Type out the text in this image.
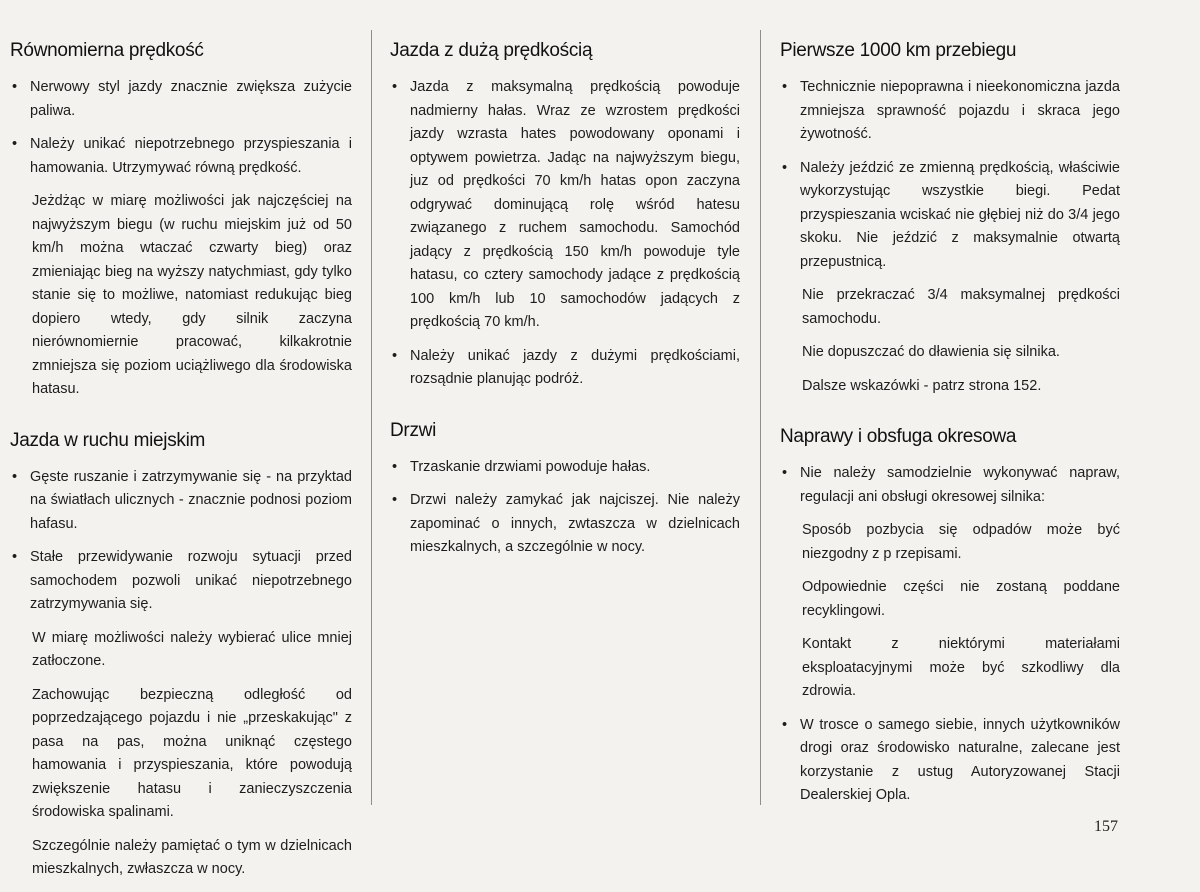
Równomierna prędkość
• Nerwowy styl jazdy znacznie zwiększa zużycie paliwa.
• Należy unikać niepotrzebnego przyspieszania i hamowania. Utrzymywać równą prędkość.

Jeżdżąc w miarę możliwości jak najczęściej na najwyższym biegu (w ruchu miejskim już od 50 km/h można wtaczać czwarty bieg) oraz zmieniając bieg na wyższy natychmiast, gdy tylko stanie się to możliwe, natomiast redukując bieg dopiero wtedy, gdy silnik zaczyna nierównomiernie pracować, kilkakrotnie zmniejsza się poziom uciążliwego dla środowiska hatasu.

Jazda w ruchu miejskim
• Gęste ruszanie i zatrzymywanie się - na przyktad na światłach ulicznych - znacznie podnosi poziom hafasu.
• Stałe przewidywanie rozwoju sytuacji przed samochodem pozwoli unikać niepotrzebnego zatrzymywania się.

W miarę możliwości należy wybierać ulice mniej zatłoczone.

Zachowując bezpieczną odległość od poprzedzającego pojazdu i nie „przeskakując" z pasa na pas, można uniknąć częstego hamowania i przyspieszania, które powodują zwiększenie hatasu i zanieczyszczenia środowiska spalinami.

Szczególnie należy pamiętać o tym w dzielnicach mieszkalnych, zwłaszcza w nocy.

Jazda z dużą prędkością
• Jazda z maksymalną prędkością powoduje nadmierny hałas. Wraz ze wzrostem prędkości jazdy wzrasta hates powodowany oponami i optywem powietrza. Jadąc na najwyższym biegu, juz od prędkości 70 km/h hatas opon zaczyna odgrywać dominującą rolę wśród hatesu związanego z ruchem samochodu. Samochód jadący z prędkością 150 km/h powoduje tyle hatasu, co cztery samochody jadące z prędkością 100 km/h lub 10 samochodów jadących z prędkością 70 km/h.
• Należy unikać jazdy z dużymi prędkościami, rozsądnie planując podróż.
Drzwi
• Trzaskanie drzwiami powoduje hałas.
• Drzwi należy zamykać jak najciszej. Nie należy zapominać o innych, zwtaszcza w dzielnicach mieszkalnych, a szczególnie w nocy.
Pierwsze 1000 km przebiegu
• Technicznie niepoprawna i nieekonomiczna jazda zmniejsza sprawność pojazdu i skraca jego żywotność.
• Należy jeździć ze zmienną prędkością, właściwie wykorzystując wszystkie biegi. Pedat przyspieszania wciskać nie głębiej niż do 3/4 jego skoku. Nie jeździć z maksymalnie otwartą przepustnicą.

Nie przekraczać 3/4 maksymalnej prędkości samochodu.

Nie dopuszczać do dławienia się silnika.

Dalsze wskazówki - patrz strona 152.

Naprawy i obsfuga okresowa
• Nie należy samodzielnie wykonywać napraw, regulacji ani obsługi okresowej silnika:

Sposób pozbycia się odpadów może być niezgodny z p rzepisami.

Odpowiednie części nie zostaną poddane recyklingowi.

Kontakt z niektórymi materiałami eksploatacyjnymi może być szkodliwy dla zdrowia.

• W trosce o samego siebie, innych użytkowników drogi oraz środowisko naturalne, zalecane jest korzystanie z ustug Autoryzowanej Stacji Dealerskiej Opla.
157
